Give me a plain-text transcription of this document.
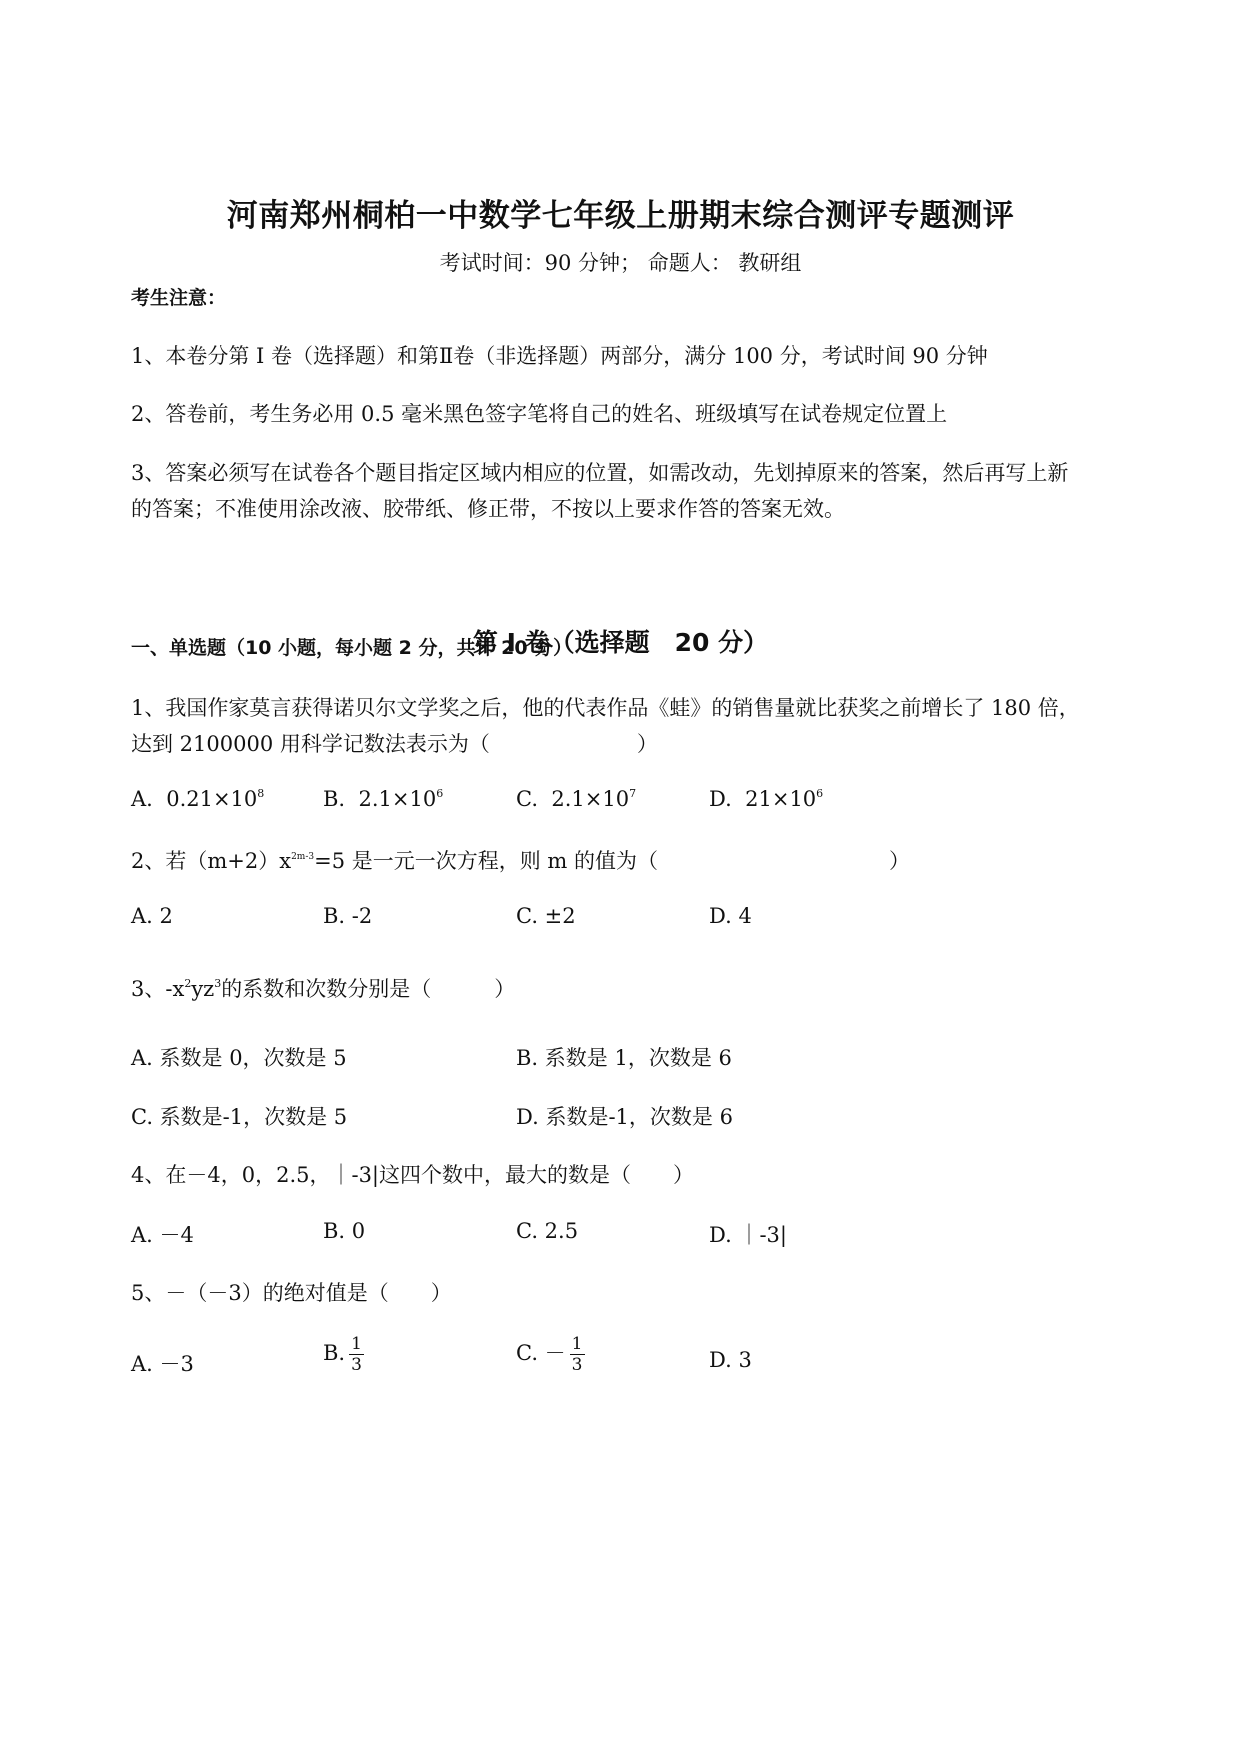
河南郑州桐柏一中数学七年级上册期末综合测评专题测评
考试时间：90 分钟； 命题人： 教研组
考生注意：
1、本卷分第 I 卷（选择题）和第Ⅱ卷（非选择题）两部分，满分 100 分，考试时间 90 分钟
2、答卷前，考生务必用 0.5 毫米黑色签字笔将自己的姓名、班级填写在试卷规定位置上
3、答案必须写在试卷各个题目指定区域内相应的位置，如需改动，先划掉原来的答案，然后再写上新
的答案；不准使用涂改液、胶带纸、修正带，不按以上要求作答的答案无效。
第 I 卷（选择题　20 分）
一、单选题（10 小题，每小题 2 分，共计 20 分）
1、我国作家莫言获得诺贝尔文学奖之后，他的代表作品《蛙》的销售量就比获奖之前增长了 180 倍，
达到 2100000 用科学记数法表示为（　　　　　　　）
A. $0.21\times 10^8$	B. $2.1\times 10^6$	C. $2.1\times 10^7$	D. $21\times 10^6$
2、若$(m+2)x^{2m-3}=5$ 是一元一次方程，则 m 的值为（　　　　　　　　　　　）
A. 2	B. -2	C. ±2	D. 4
3、$-x^2yz^3$的系数和次数分别是（　　　）
A. 系数是 0，次数是 5	B. 系数是 1，次数是 6
C. 系数是-1，次数是 5	D. 系数是-1，次数是 6
4、在－4，0，2.5，｜-3|这四个数中，最大的数是（　　）
A. －4	B. 0	C. 2.5	D. ｜-3|
5、－（－3）的绝对值是（　　）
A. －3	B. $\frac{1}{3}$	C. － $\frac{1}{3}$	D. 3
